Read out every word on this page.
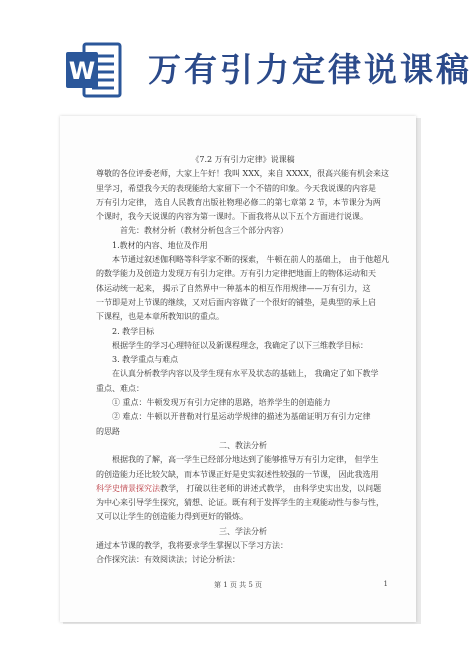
W 万有引力定律说课稿
《7.2 万有引力定律》说课稿
尊敬的各位评委老师，大家上午好！我叫 XXX，来自 XXXX，很高兴能有机会来这
里学习，希望我今天的表现能给大家留下一个不错的印象。今天我说课的内容是
万有引力定律， 选自人民教育出版社物理必修二的第七章第 2 节，本节课分为两
个课时，我今天说课的内容为第一课时。下面我将从以下五个方面进行说课。
首先：教材分析（教材分析包含三个部分内容）
1.教材的内容、地位及作用
本节通过叙述伽利略等科学家不断的探索， 牛顿在前人的基础上， 由于他超凡
的数学能力及创造力发现万有引力定律。万有引力定律把地面上的物体运动和天
体运动统一起来， 揭示了自然界中一种基本的相互作用规律——万有引力，这
一节即是对上节课的继续，又对后面内容做了一个很好的铺垫，是典型的承上启
下课程，也是本章所教知识的重点。
2. 教学目标
根据学生的学习心理特征以及新课程理念，我确定了以下三维教学目标：
3. 教学重点与难点
在认真分析教学内容以及学生现有水平及状态的基础上， 我确定了如下教学
重点、难点：
① 重点：牛顿发现万有引力定律的思路，培养学生的创造能力
② 难点：牛顿以开普勒对行星运动学规律的描述为基础证明万有引力定律
的思路
二、教法分析
根据我的了解，高一学生已经部分地达到了能够推导万有引力定律， 但学生
的创造能力还比较欠缺，而本节课正好是史实叙述性较强的一节课， 因此我选用
科学史情景探究法教学， 打破以往老师的讲述式教学， 由科学史实出发，以问题
为中心来引导学生探究，猜想、论证。既有利于发挥学生的主观能动性与参与性，
又可以让学生的创造能力得到更好的锻炼。
三、学法分析
通过本节课的教学，我将要求学生掌握以下学习方法：
合作探究法：有效阅读法；讨论分析法：
第 1 页 共 5 页	1
